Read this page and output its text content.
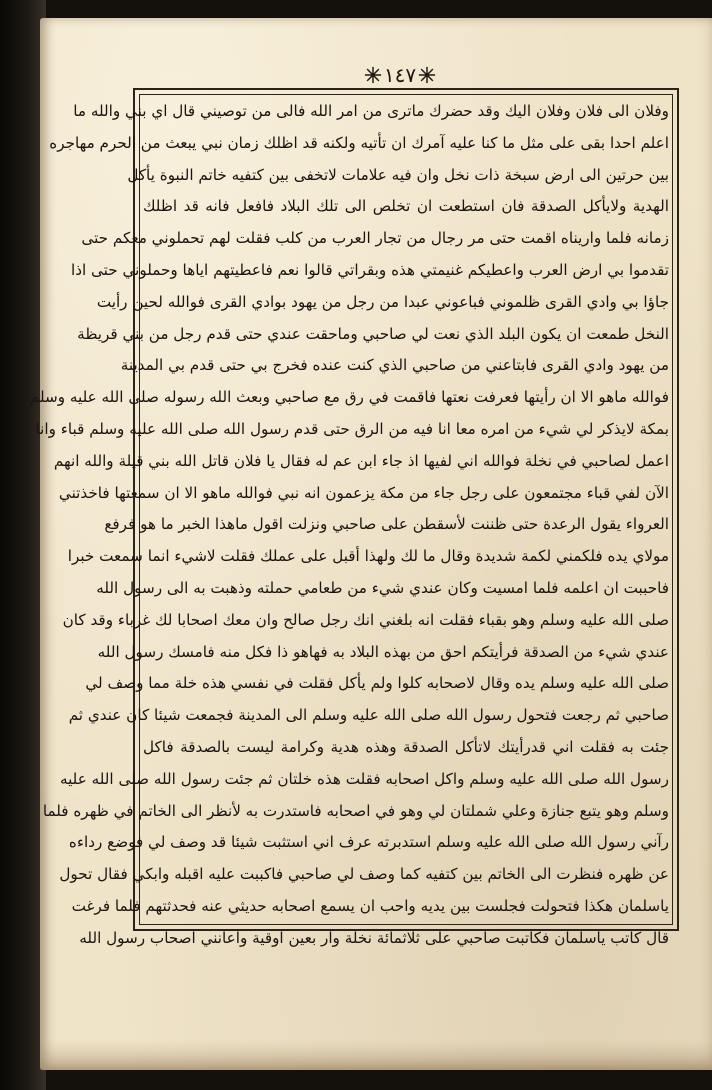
١٤٧
وفلان الى فلان وفلان اليك وقد حضرك ماترى من امر الله فالى من توصيني قال اي بني والله ما
اعلم احدا بقى على مثل ما كنا عليه آمرك ان تأتيه ولكنه قد اظلك زمان نبي يبعث من الحرم مهاجره
بين حرتين الى ارض سبخة ذات نخل وان فيه علامات لاتخفى بين كتفيه خاتم النبوة يأكل
الهدية ولايأكل الصدقة فان استطعت ان تخلص الى تلك البلاد فافعل فانه قد اظلك
زمانه فلما واريناه اقمت حتى مر رجال من تجار العرب من كلب فقلت لهم تحملوني معكم حتى
تقدموا بي ارض العرب واعطيكم غنيمتي هذه وبقراتي قالوا نعم فاعطيتهم اياها وحملوني حتى اذا
جاؤا بي وادي القرى ظلموني فباعوني عبدا من رجل من يهود بوادي القرى فوالله لحين رأيت
النخل طمعت ان يكون البلد الذي نعت لي صاحبي وماحقت عندي حتى قدم رجل من بني قريظة
من يهود وادي القرى فابتاعني من صاحبي الذي كنت عنده فخرج بي حتى قدم بي المدينة
فوالله ماهو الا ان رأيتها فعرفت نعتها فاقمت في رق مع صاحبي وبعث الله رسوله صلى الله عليه وسلم
بمكة لايذكر لي شيء من امره معا انا فيه من الرق حتى قدم رسول الله صلى الله عليه وسلم قباء وانا
اعمل لصاحبي في نخلة فوالله اني لفيها اذ جاء ابن عم له فقال يا فلان قاتل الله بني قيلة والله انهم
الآن لفي قباء مجتمعون على رجل جاء من مكة يزعمون انه نبي فوالله ماهو الا ان سمعتها فاخذتني
العرواء يقول الرعدة حتى ظننت لأسقطن على صاحبي ونزلت اقول ماهذا الخبر ما هو فرفع
مولاي يده فلكمني لكمة شديدة وقال ما لك ولهذا أقبل على عملك فقلت لاشيء انما سمعت خبرا
فاحببت ان اعلمه فلما امسيت وكان عندي شيء من طعامي حملته وذهبت به الى رسول الله
صلى الله عليه وسلم وهو بقباء فقلت انه بلغني انك رجل صالح وان معك اصحابا لك غرباء وقد كان
عندي شيء من الصدقة فرأيتكم احق من بهذه البلاد به فهاهو ذا فكل منه فامسك رسول الله
صلى الله عليه وسلم يده وقال لاصحابه كلوا ولم يأكل فقلت في نفسي هذه خلة مما وصف لي
صاحبي ثم رجعت فتحول رسول الله صلى الله عليه وسلم الى المدينة فجمعت شيئا كان عندي ثم
جئت به فقلت اني قدرأيتك لاتأكل الصدقة وهذه هدية وكرامة ليست بالصدقة فاكل
رسول الله صلى الله عليه وسلم واكل اصحابه فقلت هذه خلتان ثم جئت رسول الله صلى الله عليه
وسلم وهو يتبع جنازة وعلي شملتان لي وهو في اصحابه فاستدرت به لأنظر الى الخاتم في ظهره فلما
رآني رسول الله صلى الله عليه وسلم استدبرته عرف اني استثبت شيئا قد وصف لي فوضع رداءه
عن ظهره فنظرت الى الخاتم بين كتفيه كما وصف لي صاحبي فاكببت عليه اقبله وابكي فقال تحول
ياسلمان هكذا فتحولت فجلست بين يديه واحب ان يسمع اصحابه حديثي عنه فحدثتهم فلما فرغت
قال كاتب ياسلمان فكاتبت صاحبي على ثلاثمائة نخلة وار بعين اوقية واعانني اصحاب رسول الله
